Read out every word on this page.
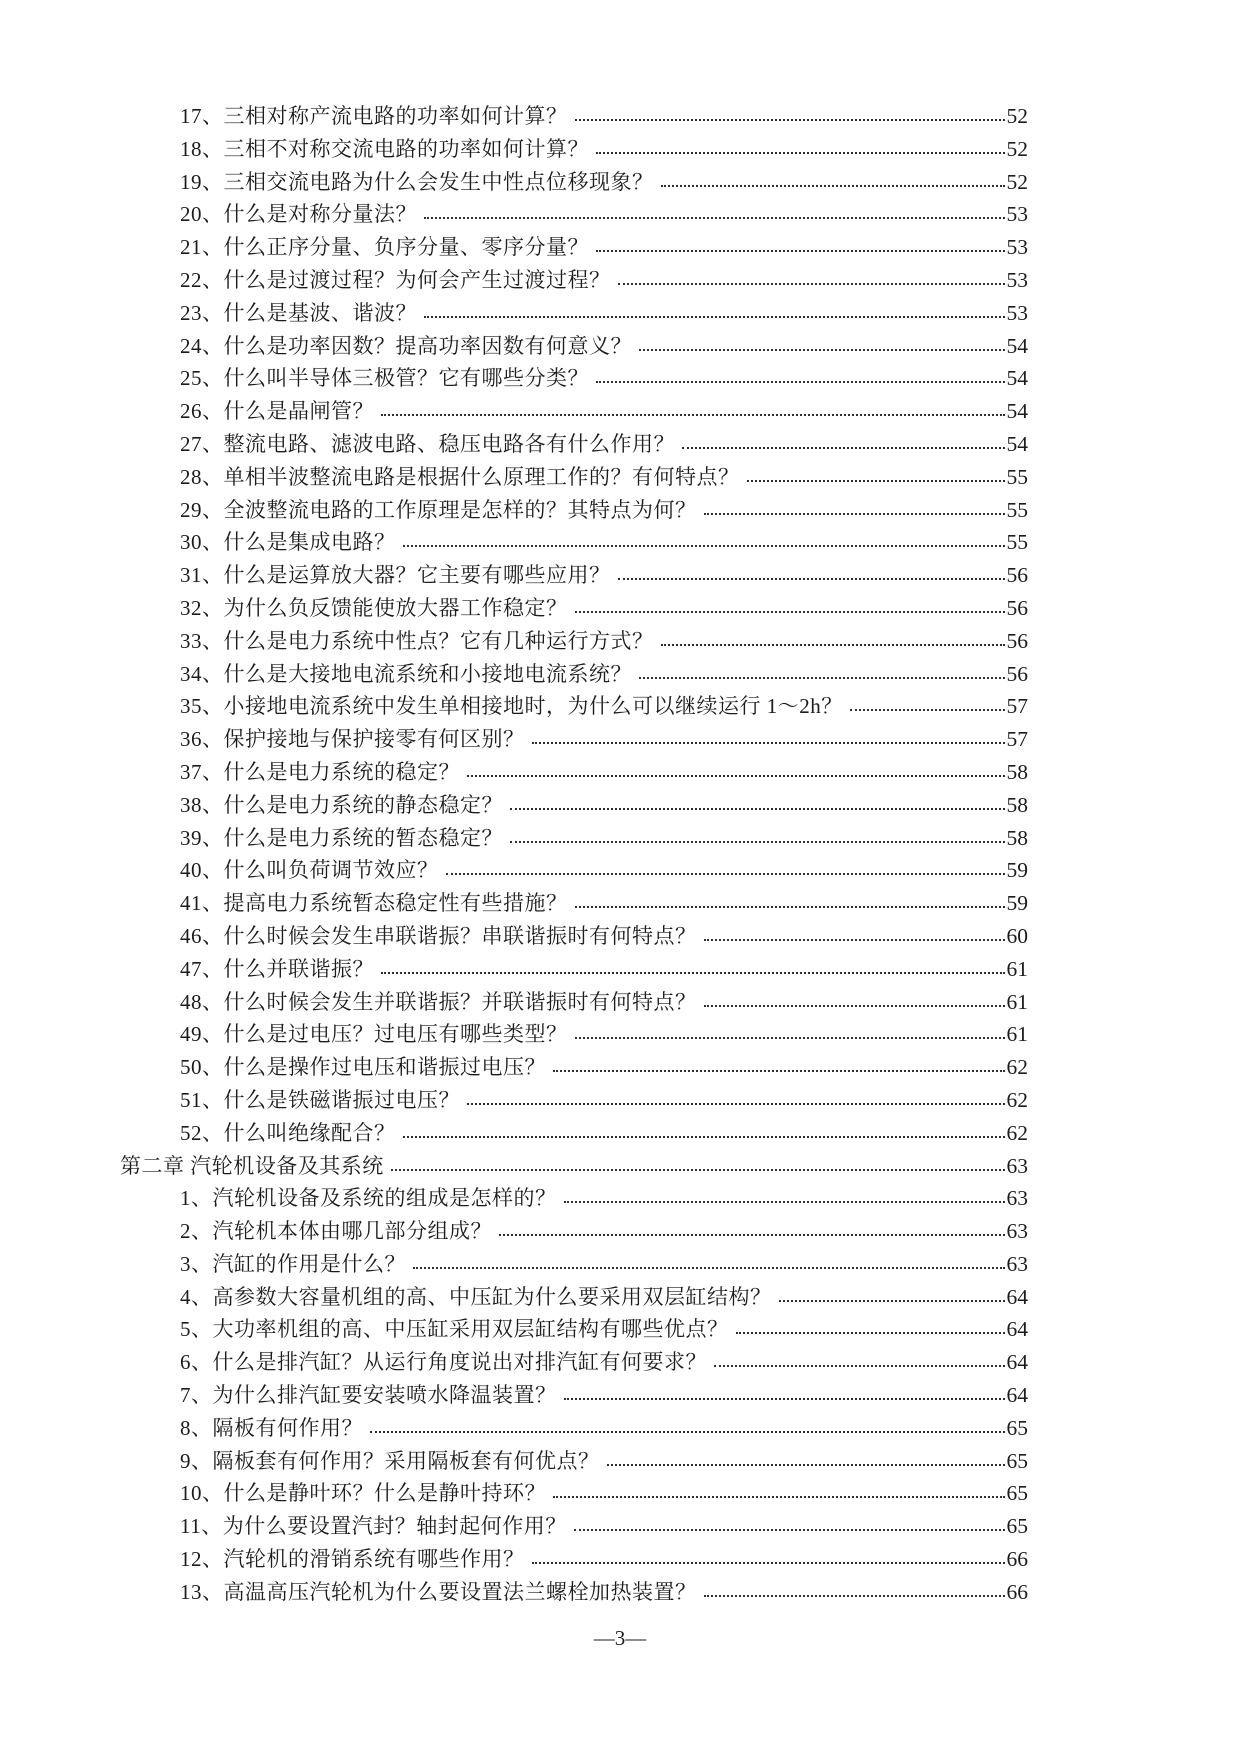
17、三相对称产流电路的功率如何计算？	52
18、三相不对称交流电路的功率如何计算？	52
19、三相交流电路为什么会发生中性点位移现象？	52
20、什么是对称分量法？	53
21、什么正序分量、负序分量、零序分量？	53
22、什么是过渡过程？为何会产生过渡过程？	53
23、什么是基波、谐波？	53
24、什么是功率因数？提高功率因数有何意义？	54
25、什么叫半导体三极管？它有哪些分类？	54
26、什么是晶闸管？	54
27、整流电路、滤波电路、稳压电路各有什么作用？	54
28、单相半波整流电路是根据什么原理工作的？有何特点？	55
29、全波整流电路的工作原理是怎样的？其特点为何？	55
30、什么是集成电路？	55
31、什么是运算放大器？它主要有哪些应用？	56
32、为什么负反馈能使放大器工作稳定？	56
33、什么是电力系统中性点？它有几种运行方式？	56
34、什么是大接地电流系统和小接地电流系统？	56
35、小接地电流系统中发生单相接地时，为什么可以继续运行 1～2h？	57
36、保护接地与保护接零有何区别？	57
37、什么是电力系统的稳定？	58
38、什么是电力系统的静态稳定？	58
39、什么是电力系统的暂态稳定？	58
40、什么叫负荷调节效应？	59
41、提高电力系统暂态稳定性有些措施？	59
46、什么时候会发生串联谐振？串联谐振时有何特点？	60
47、什么并联谐振？	61
48、什么时候会发生并联谐振？并联谐振时有何特点？	61
49、什么是过电压？过电压有哪些类型？	61
50、什么是操作过电压和谐振过电压？	62
51、什么是铁磁谐振过电压？	62
52、什么叫绝缘配合？	62
第二章 汽轮机设备及其系统	63
1、汽轮机设备及系统的组成是怎样的？	63
2、汽轮机本体由哪几部分组成？	63
3、汽缸的作用是什么？	63
4、高参数大容量机组的高、中压缸为什么要采用双层缸结构？	64
5、大功率机组的高、中压缸采用双层缸结构有哪些优点？	64
6、什么是排汽缸？从运行角度说出对排汽缸有何要求？	64
7、为什么排汽缸要安装喷水降温装置？	64
8、隔板有何作用？	65
9、隔板套有何作用？采用隔板套有何优点？	65
10、什么是静叶环？什么是静叶持环？	65
11、为什么要设置汽封？轴封起何作用？	65
12、汽轮机的滑销系统有哪些作用？	66
13、高温高压汽轮机为什么要设置法兰螺栓加热装置？	66
—3—
